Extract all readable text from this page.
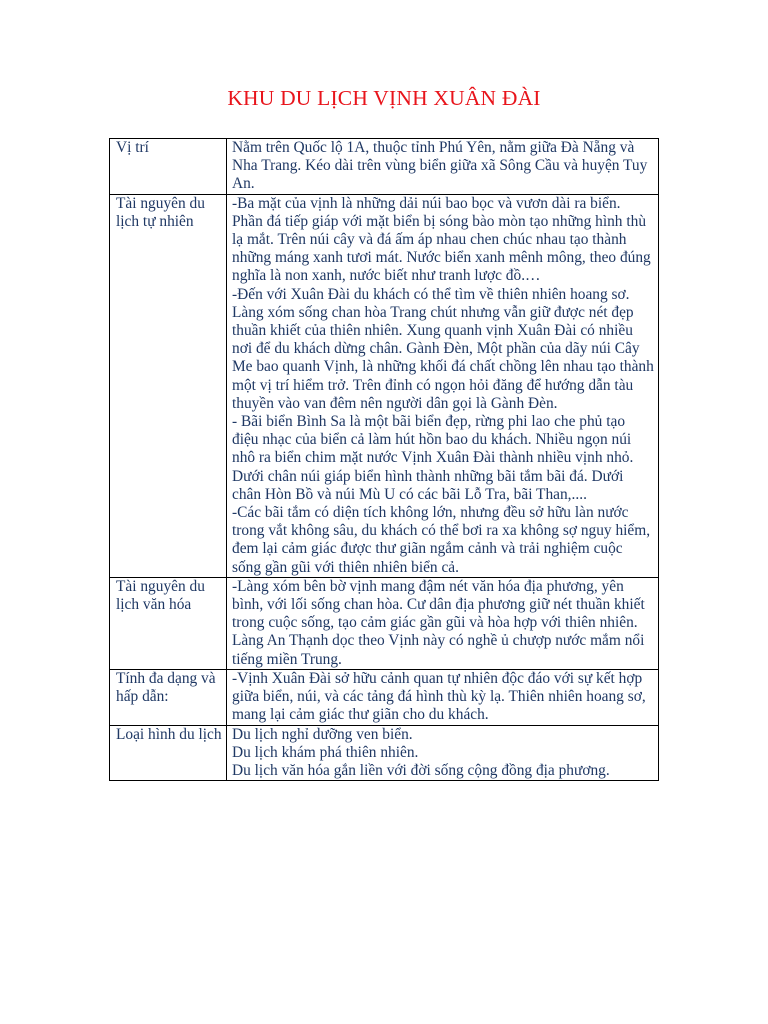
KHU DU LỊCH VỊNH XUÂN ĐÀI
Vị trí	Nằm trên Quốc lộ 1A, thuộc tỉnh Phú Yên, nằm giữa Đà Nẵng và Nha Trang. Kéo dài trên vùng biển giữa xã Sông Cầu và huyện Tuy An.

Tài nguyên du lịch tự nhiên	-Ba mặt của vịnh là những dải núi bao bọc và vươn dài ra biển. Phần đá tiếp giáp với mặt biển bị sóng bào mòn tạo những hình thù lạ mắt. Trên núi cây và đá ấm áp nhau chen chúc nhau tạo thành những máng xanh tươi mát. Nước biển xanh mênh mông, theo đúng nghĩa là non xanh, nước biết như tranh lược đồ.…
-Đến với Xuân Đài du khách có thể tìm về thiên nhiên hoang sơ. Làng xóm sống chan hòa Trang chút nhưng vẫn giữ được nét đẹp thuần khiết của thiên nhiên. Xung quanh vịnh Xuân Đài có nhiều nơi để du khách dừng chân. Gành Đèn, Một phần của dãy núi Cây Me bao quanh Vịnh, là những khối đá chất chồng lên nhau tạo thành một vị trí hiểm trở. Trên đỉnh có ngọn hỏi đăng để hướng dẫn tàu thuyền vào van đêm nên người dân gọi là Gành Đèn.
- Bãi biển Bình Sa là một bãi biển đẹp, rừng phi lao che phủ tạo điệu nhạc của biển cả làm hút hồn bao du khách. Nhiều ngọn núi nhô ra biển chim mặt nước Vịnh Xuân Đài thành nhiều vịnh nhỏ. Dưới chân núi giáp biển hình thành những bãi tắm bãi đá. Dưới chân Hòn Bồ và núi Mù U có các bãi Lỗ Tra, bãi Than,....
-Các bãi tắm có diện tích không lớn, nhưng đều sở hữu làn nước trong vắt không sâu, du khách có thể bơi ra xa không sợ nguy hiểm, đem lại cảm giác được thư giãn ngắm cảnh và trải nghiệm cuộc sống gần gũi với thiên nhiên biển cả.

Tài nguyên du lịch văn hóa	-Làng xóm bên bờ vịnh mang đậm nét văn hóa địa phương, yên bình, với lối sống chan hòa. Cư dân địa phương giữ nét thuần khiết trong cuộc sống, tạo cảm giác gần gũi và hòa hợp với thiên nhiên. Làng An Thạnh dọc theo Vịnh này có nghề ủ chượp nước mắm nổi tiếng miền Trung.

Tính đa dạng và hấp dẫn:	-Vịnh Xuân Đài sở hữu cảnh quan tự nhiên độc đáo với sự kết hợp giữa biển, núi, và các tảng đá hình thù kỳ lạ. Thiên nhiên hoang sơ, mang lại cảm giác thư giãn cho du khách.

Loại hình du lịch	Du lịch nghỉ dưỡng ven biển.
Du lịch khám phá thiên nhiên.
Du lịch văn hóa gắn liền với đời sống cộng đồng địa phương.
